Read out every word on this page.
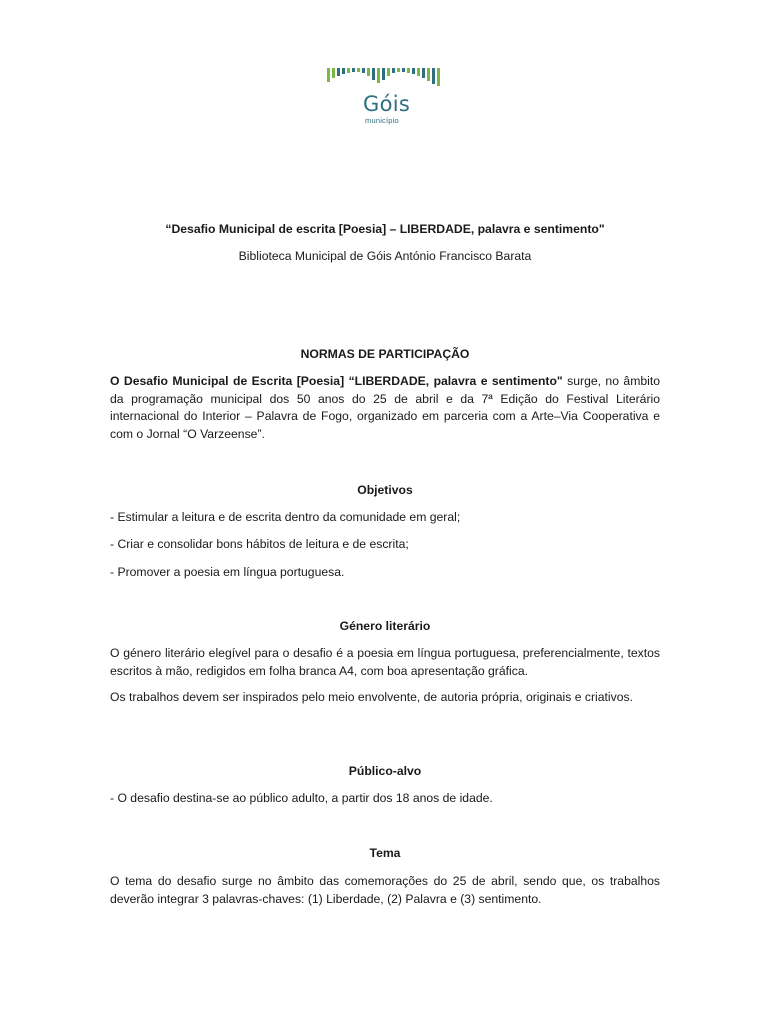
Góis
município
“Desafio Municipal de escrita [Poesia] – LIBERDADE, palavra e sentimento"
Biblioteca Municipal de Góis António Francisco Barata
NORMAS DE PARTICIPAÇÃO

O Desafio Municipal de Escrita [Poesia] “LIBERDADE, palavra e sentimento" surge, no âmbito da programação municipal dos 50 anos do 25 de abril e da 7ª Edição do Festival Literário internacional do Interior – Palavra de Fogo, organizado em parceria com a Arte–Via Cooperativa e com o Jornal “O Varzeense”.

Objetivos
- Estimular a leitura e de escrita dentro da comunidade em geral;
- Criar e consolidar bons hábitos de leitura e de escrita;
- Promover a poesia em língua portuguesa.
Género literário

O género literário elegível para o desafio é a poesia em língua portuguesa, preferencialmente, textos escritos à mão, redigidos em folha branca A4, com boa apresentação gráfica.

Os trabalhos devem ser inspirados pelo meio envolvente, de autoria própria, originais e criativos.

Público-alvo
- O desafio destina-se ao público adulto, a partir dos 18 anos de idade.
Tema

O tema do desafio surge no âmbito das comemorações do 25 de abril, sendo que, os trabalhos deverão integrar 3 palavras-chaves: (1) Liberdade, (2) Palavra e (3) sentimento.
